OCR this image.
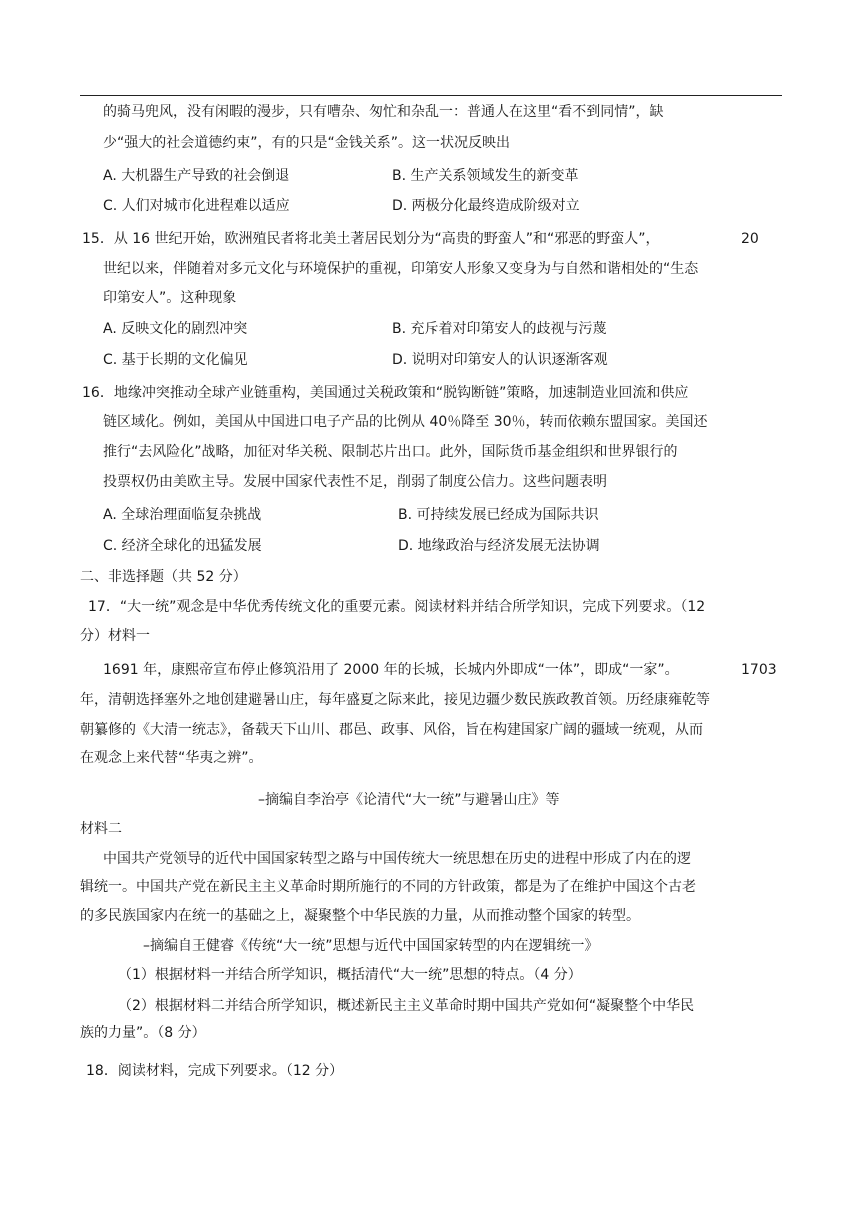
的骑马兜风，没有闲暇的漫步，只有嘈杂、匆忙和杂乱一：普通人在这里“看不到同情”，缺
少“强大的社会道德约束”，有的只是“金钱关系”。这一状况反映出
A. 大机器生产导致的社会倒退	B. 生产关系领域发生的新变革
C. 人们对城市化进程难以适应	D. 两极分化最终造成阶级对立
15．从 16 世纪开始，欧洲殖民者将北美土著居民划分为“高贵的野蛮人”和“邪恶的野蛮人”，	20
世纪以来，伴随着对多元文化与环境保护的重视，印第安人形象又变身为与自然和谐相处的“生态
印第安人”。这种现象
A. 反映文化的剧烈冲突	B. 充斥着对印第安人的歧视与污蔑
C. 基于长期的文化偏见	D. 说明对印第安人的认识逐渐客观
16．地缘冲突推动全球产业链重构，美国通过关税政策和“脱钩断链”策略，加速制造业回流和供应
链区域化。例如，美国从中国进口电子产品的比例从 40％降至 30％，转而依赖东盟国家。美国还
推行“去风险化”战略，加征对华关税、限制芯片出口。此外，国际货币基金组织和世界银行的
投票权仍由美欧主导。发展中国家代表性不足，削弱了制度公信力。这些问题表明
A. 全球治理面临复杂挑战	B. 可持续发展已经成为国际共识
C. 经济全球化的迅猛发展	D. 地缘政治与经济发展无法协调
二、非选择题（共 52 分）
17．“大一统”观念是中华优秀传统文化的重要元素。阅读材料并结合所学知识，完成下列要求。（12
分）材料一
1691 年，康熙帝宣布停止修筑沿用了 2000 年的长城，长城内外即成“一体”，即成“一家”。	1703
年，清朝选择塞外之地创建避暑山庄，每年盛夏之际来此，接见边疆少数民族政教首领。历经康雍乾等
朝纂修的《大清一统志》，备载天下山川、郡邑、政事、风俗，旨在构建国家广阔的疆域一统观，从而
在观念上来代替“华夷之辨”。
–摘编自李治亭《论清代“大一统”与避暑山庄》等
材料二
中国共产党领导的近代中国国家转型之路与中国传统大一统思想在历史的进程中形成了内在的逻
辑统一。中国共产党在新民主主义革命时期所施行的不同的方针政策，都是为了在维护中国这个古老
的多民族国家内在统一的基础之上，凝聚整个中华民族的力量，从而推动整个国家的转型。
–摘编自王健睿《传统“大一统”思想与近代中国国家转型的内在逻辑统一》
（1）根据材料一并结合所学知识，概括清代“大一统”思想的特点。（4 分）
（2）根据材料二并结合所学知识，概述新民主主义革命时期中国共产党如何“凝聚整个中华民
族的力量”。（8 分）
18．阅读材料，完成下列要求。（12 分）
